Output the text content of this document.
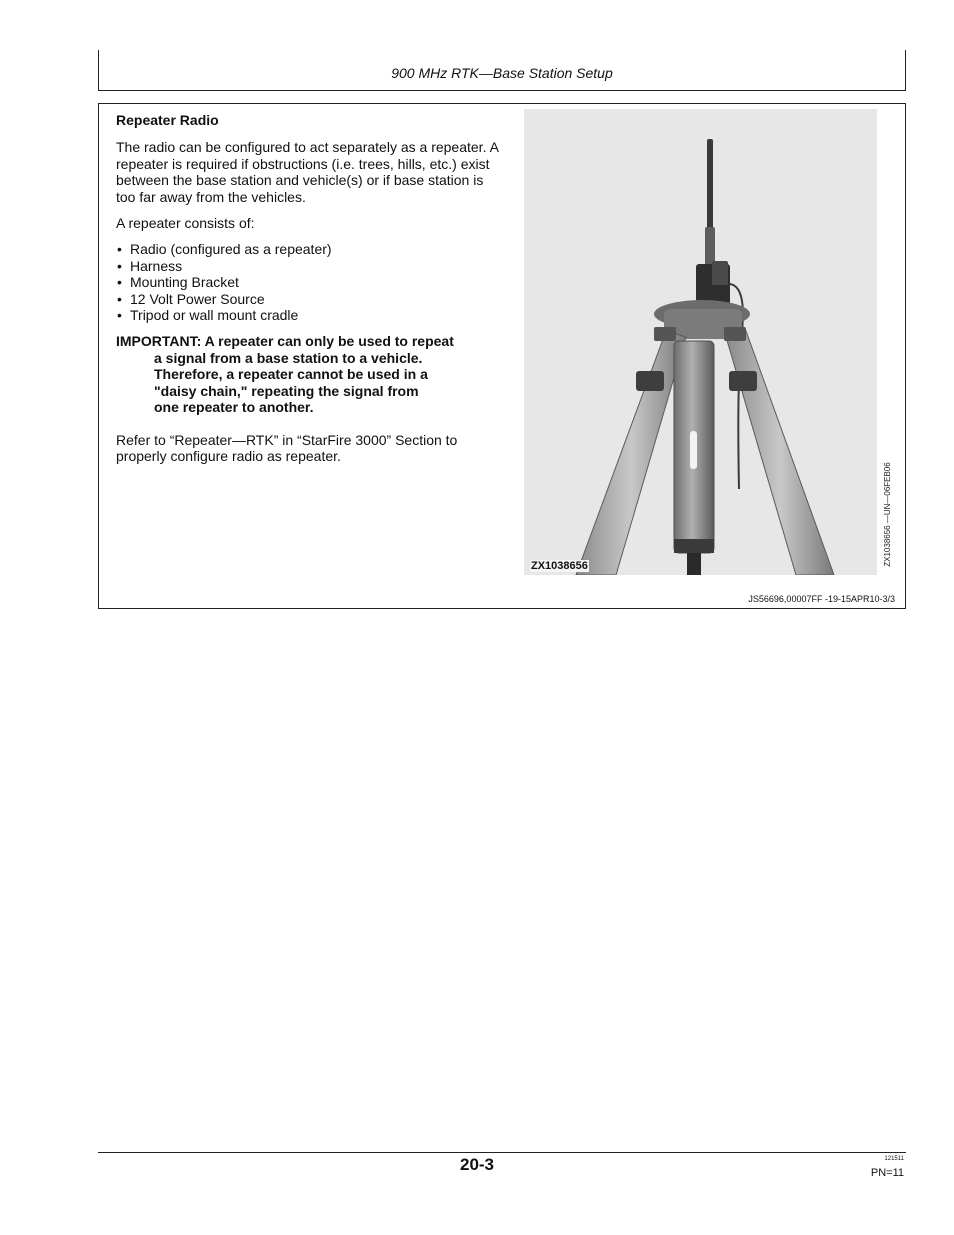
900 MHz RTK—Base Station Setup

Repeater Radio

The radio can be configured to act separately as a repeater. A repeater is required if obstructions (i.e. trees, hills, etc.) exist between the base station and vehicle(s) or if base station is too far away from the vehicles.

A repeater consists of:

• Radio (configured as a repeater)
• Harness
• Mounting Bracket
• 12 Volt Power Source
• Tripod or wall mount cradle

IMPORTANT: A repeater can only be used to repeat
a signal from a base station to a vehicle.
Therefore, a repeater cannot be used in a
"daisy chain," repeating the signal from
one repeater to another.

Refer to “Repeater—RTK” in “StarFire 3000” Section to properly configure radio as repeater.

ZX1038656	ZX1038656 —UN—06FEB06
JS56696,00007FF -19-15APR10-3/3
20-3	121511
PN=11
